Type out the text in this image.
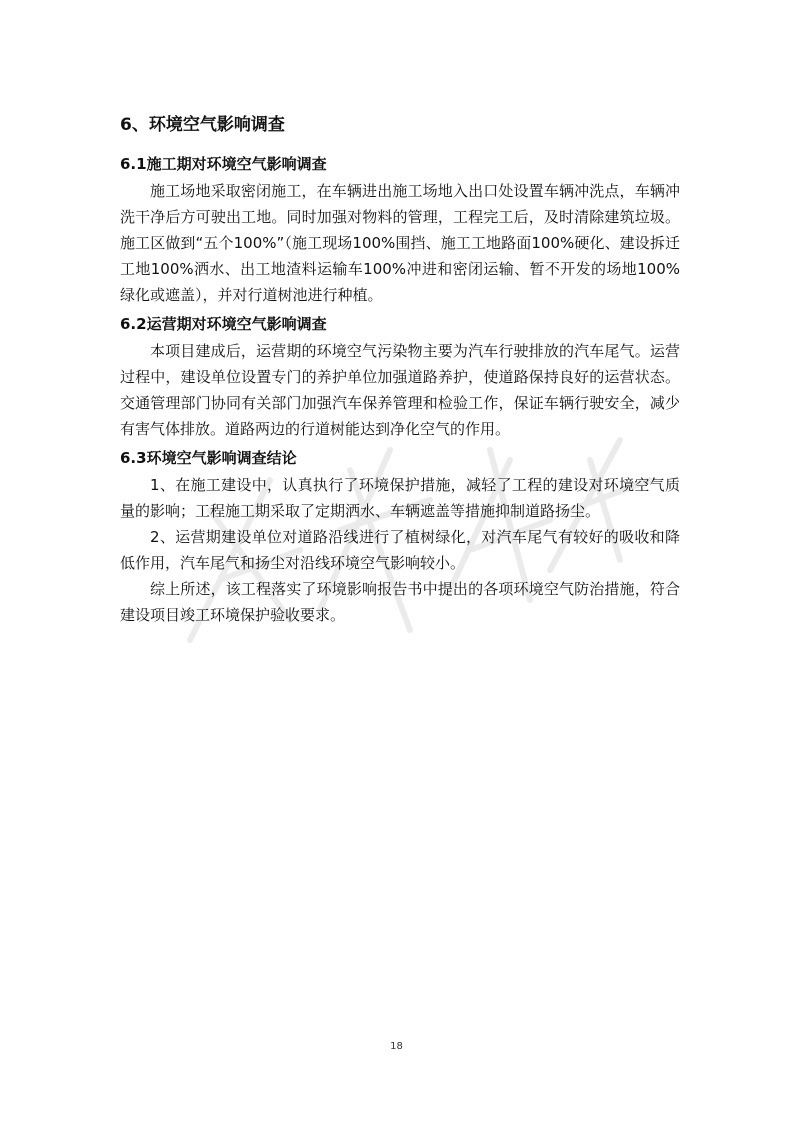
6、环境空气影响调查
6.1施工期对环境空气影响调查

施工场地采取密闭施工，在车辆进出施工场地入出口处设置车辆冲洗点，车辆冲洗干净后方可驶出工地。同时加强对物料的管理，工程完工后，及时清除建筑垃圾。施工区做到“五个100%”（施工现场100%围挡、施工工地路面100%硬化、建设拆迁工地100%洒水、出工地渣料运输车100%冲进和密闭运输、暂不开发的场地100%绿化或遮盖），并对行道树池进行种植。

6.2运营期对环境空气影响调查

本项目建成后，运营期的环境空气污染物主要为汽车行驶排放的汽车尾气。运营过程中，建设单位设置专门的养护单位加强道路养护，使道路保持良好的运营状态。交通管理部门协同有关部门加强汽车保养管理和检验工作，保证车辆行驶安全，减少有害气体排放。道路两边的行道树能达到净化空气的作用。

6.3环境空气影响调查结论

1、在施工建设中，认真执行了环境保护措施，减轻了工程的建设对环境空气质量的影响；工程施工期采取了定期洒水、车辆遮盖等措施抑制道路扬尘。

2、运营期建设单位对道路沿线进行了植树绿化，对汽车尾气有较好的吸收和降低作用，汽车尾气和扬尘对沿线环境空气影响较小。

综上所述，该工程落实了环境影响报告书中提出的各项环境空气防治措施，符合建设项目竣工环境保护验收要求。

18
